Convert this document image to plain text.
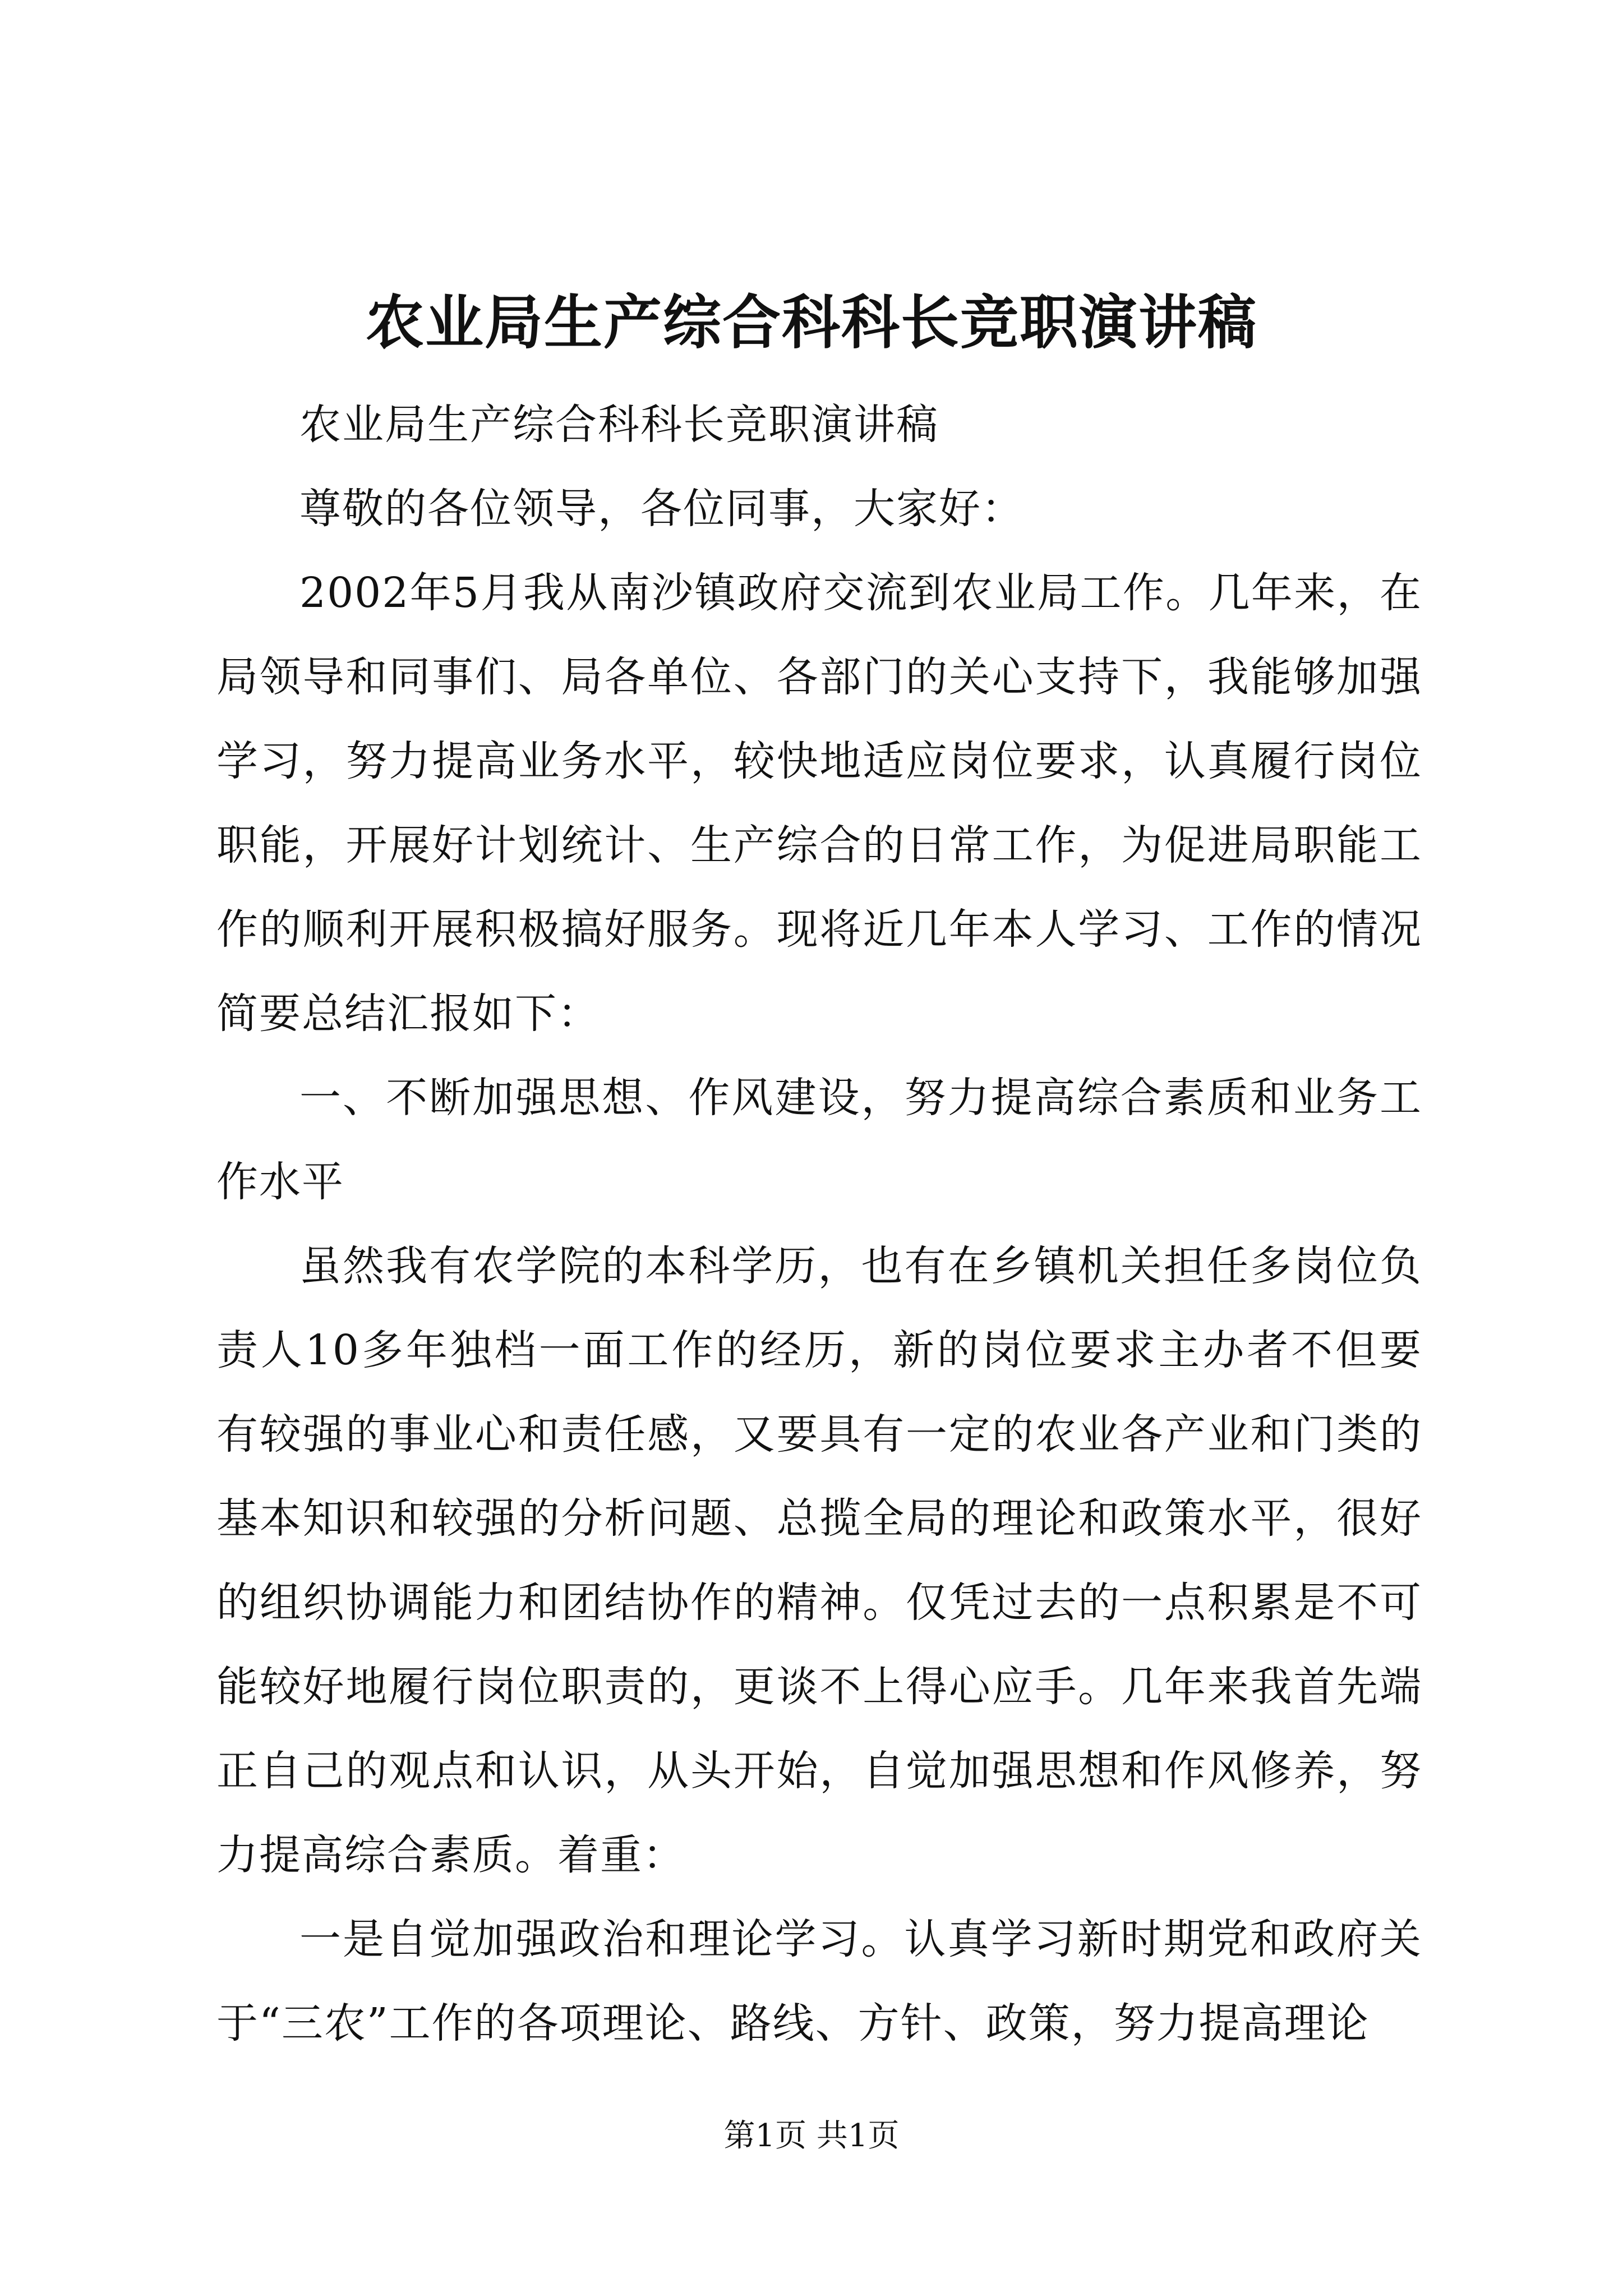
农业局生产综合科科长竞职演讲稿

农业局生产综合科科长竞职演讲稿

尊敬的各位领导，各位同事，大家好：

2002年5月我从南沙镇政府交流到农业局工作。几年来，在局领导和同事们、局各单位、各部门的关心支持下，我能够加强学习，努力提高业务水平，较快地适应岗位要求，认真履行岗位职能，开展好计划统计、生产综合的日常工作，为促进局职能工作的顺利开展积极搞好服务。现将近几年本人学习、工作的情况简要总结汇报如下：

一、不断加强思想、作风建设，努力提高综合素质和业务工作水平

虽然我有农学院的本科学历，也有在乡镇机关担任多岗位负责人10多年独档一面工作的经历，新的岗位要求主办者不但要有较强的事业心和责任感，又要具有一定的农业各产业和门类的基本知识和较强的分析问题、总揽全局的理论和政策水平，很好的组织协调能力和团结协作的精神。仅凭过去的一点积累是不可能较好地履行岗位职责的，更谈不上得心应手。几年来我首先端正自己的观点和认识，从头开始，自觉加强思想和作风修养，努力提高综合素质。着重：

一是自觉加强政治和理论学习。认真学习新时期党和政府关于“三农”工作的各项理论、路线、方针、政策，努力提高理论

第1页 共1页
